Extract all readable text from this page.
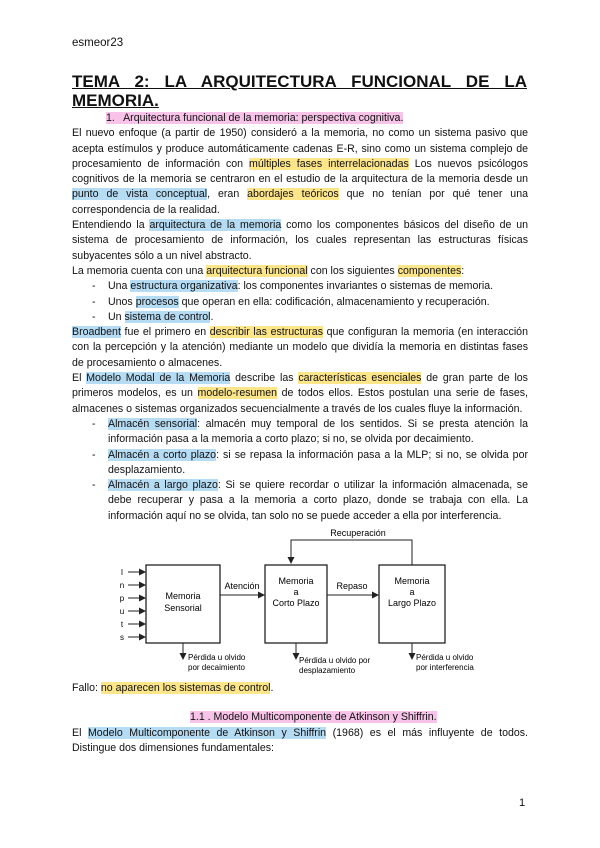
esmeor23
TEMA 2: LA ARQUITECTURA FUNCIONAL DE LA MEMORIA.

1. Arquitectura funcional de la memoria: perspectiva cognitiva.

El nuevo enfoque (a partir de 1950) consideró a la memoria, no como un sistema pasivo que acepta estímulos y produce automáticamente cadenas E-R, sino como un sistema complejo de procesamiento de información con múltiples fases interrelacionadas Los nuevos psicólogos cognitivos de la memoria se centraron en el estudio de la arquitectura de la memoria desde un punto de vista conceptual, eran abordajes teóricos que no tenían por qué tener una correspondencia de la realidad.

Entendiendo la arquitectura de la memoria como los componentes básicos del diseño de un sistema de procesamiento de información, los cuales representan las estructuras físicas subyacentes sólo a un nivel abstracto.

La memoria cuenta con una arquitectura funcional con los siguientes componentes:

- Una estructura organizativa: los componentes invariantes o sistemas de memoria.
- Unos procesos que operan en ella: codificación, almacenamiento y recuperación.
- Un sistema de control.

Broadbent fue el primero en describir las estructuras que configuran la memoria (en interacción con la percepción y la atención) mediante un modelo que dividía la memoria en distintas fases de procesamiento o almacenes.

El Modelo Modal de la Memoria describe las características esenciales de gran parte de los primeros modelos, es un modelo-resumen de todos ellos. Estos postulan una serie de fases, almacenes o sistemas organizados secuencialmente a través de los cuales fluye la información.

- Almacén sensorial: almacén muy temporal de los sentidos. Si se presta atención la información pasa a la memoria a corto plazo; si no, se olvida por decaimiento.
- Almacén a corto plazo: si se repasa la información pasa a la MLP; si no, se olvida por desplazamiento.
- Almacén a largo plazo: Si se quiere recordar o utilizar la información almacenada, se debe recuperar y pasa a la memoria a corto plazo, donde se trabaja con ella. La información aquí no se olvida, tan solo no se puede acceder a ella por interferencia.
Recuperación
I
n
p
u
t
s
Memoria
Sensorial
Atención Memoria
a
Corto Plazo
Repaso	Memoria
a
Largo Plazo
Pérdida u olvido
por decaimiento
Pérdida u olvido por
desplazamiento
Pérdida u olvido
por interferencia

Fallo: no aparecen los sistemas de control.

1.1 . Modelo Multicomponente de Atkinson y Shiffrin.

El Modelo Multicomponente de Atkinson y Shiffrin (1968) es el más influyente de todos. Distingue dos dimensiones fundamentales:

1
